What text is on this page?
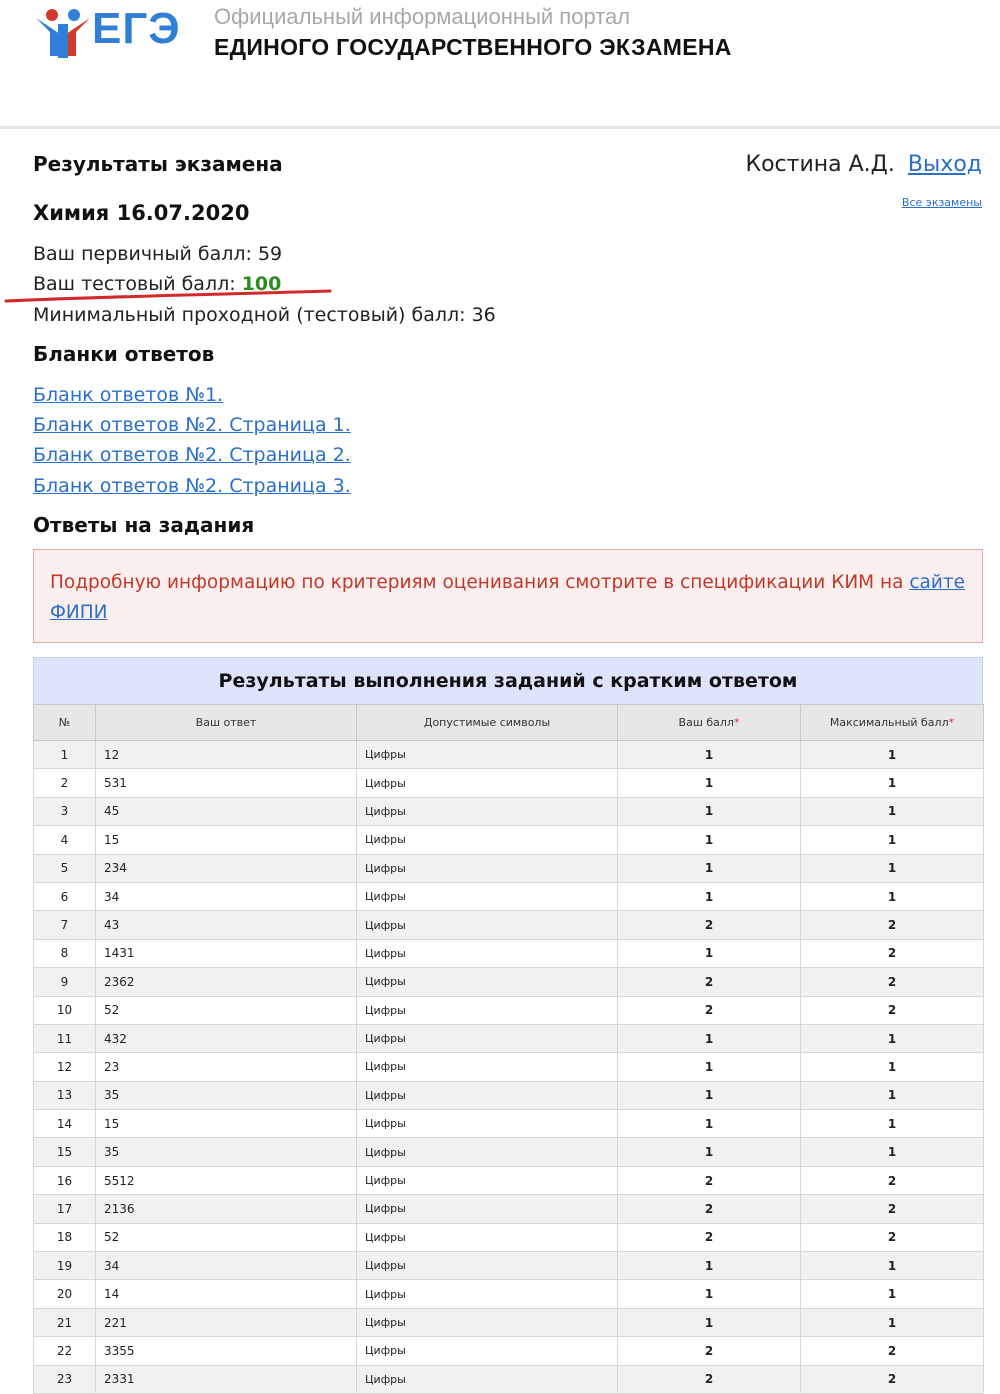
ЕГЭ Официальный информационный портал
ЕДИНОГО ГОСУДАРСТВЕННОГО ЭКЗАМЕНА
Костина А.Д. Выход
Все экзамены
Результаты экзамена
Химия 16.07.2020
Ваш первичный балл: 59
Ваш тестовый балл: 100
Минимальный проходной (тестовый) балл: 36
Бланки ответов
Бланк ответов №1.
Бланк ответов №2. Страница 1.
Бланк ответов №2. Страница 2.
Бланк ответов №2. Страница 3.
Ответы на задания

Подробную информацию по критериям оценивания смотрите в спецификации КИМ на сайте ФИПИ

Результаты выполнения заданий с кратким ответом
№	Ваш ответ	Допустимые символы	Ваш балл*	Максимальный балл*
1	12	Цифры	1	1
2	531	Цифры	1	1
3	45	Цифры	1	1
4	15	Цифры	1	1
5	234	Цифры	1	1
6	34	Цифры	1	1
7	43	Цифры	2	2
8	1431	Цифры	1	2
9	2362	Цифры	2	2
10	52	Цифры	2	2
11	432	Цифры	1	1
12	23	Цифры	1	1
13	35	Цифры	1	1
14	15	Цифры	1	1
15	35	Цифры	1	1
16	5512	Цифры	2	2
17	2136	Цифры	2	2
18	52	Цифры	2	2
19	34	Цифры	1	1
20	14	Цифры	1	1
21	221	Цифры	1	1
22	3355	Цифры	2	2
23	2331	Цифры	2	2
